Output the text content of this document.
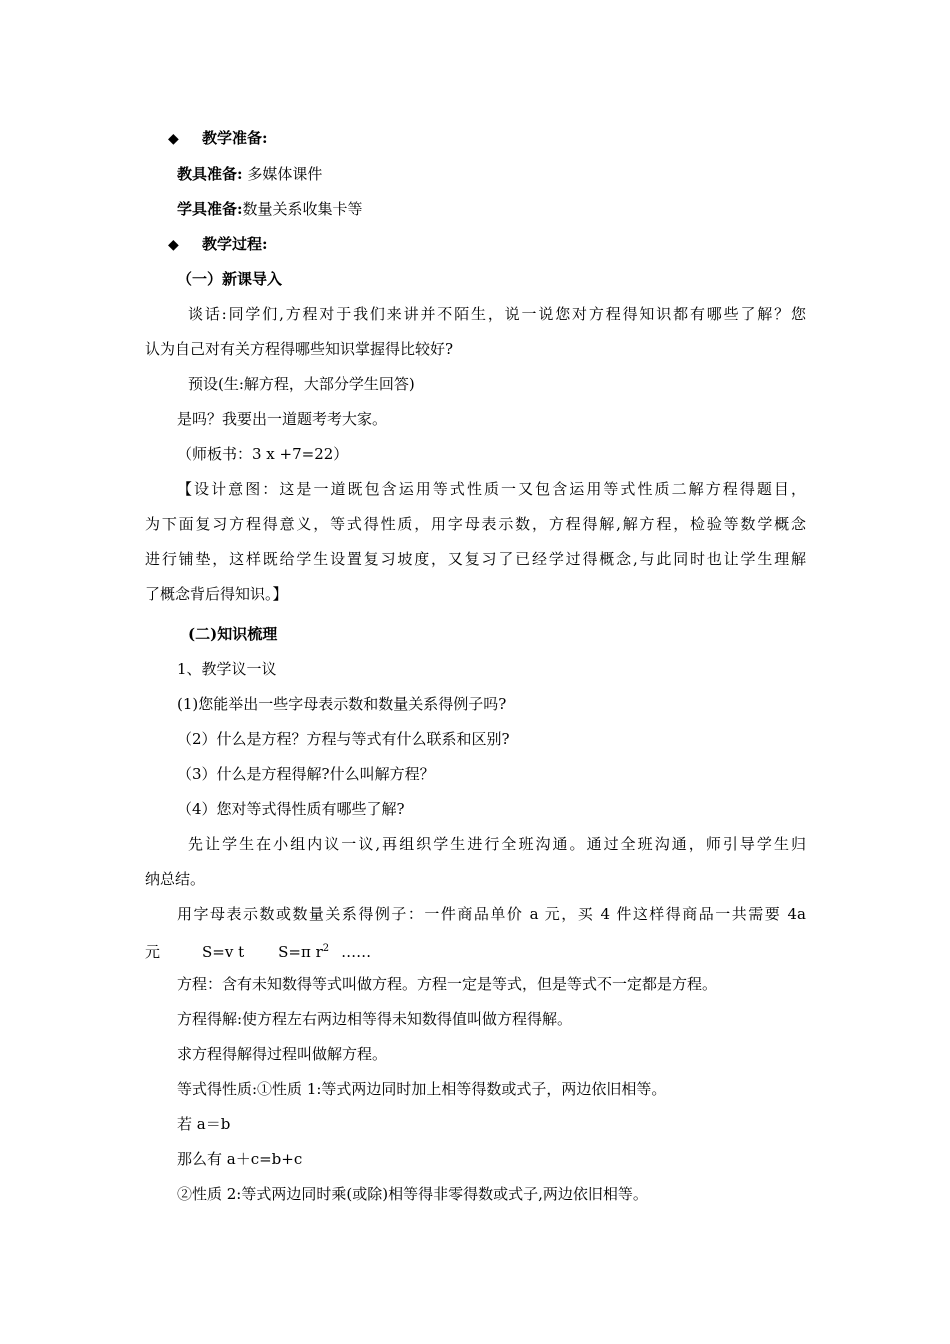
◆ 教学准备:
教具准备: 多媒体课件
学具准备:数量关系收集卡等
◆ 教学过程:
（一）新课导入
谈话:同学们,方程对于我们来讲并不陌生，说一说您对方程得知识都有哪些了解？您
认为自己对有关方程得哪些知识掌握得比较好?
预设(生:解方程，大部分学生回答)
是吗？我要出一道题考考大家。
（师板书：3 x +7=22）
【设计意图：这是一道既包含运用等式性质一又包含运用等式性质二解方程得题目，
为下面复习方程得意义，等式得性质，用字母表示数，方程得解,解方程，检验等数学概念
进行铺垫，这样既给学生设置复习坡度，又复习了已经学过得概念,与此同时也让学生理解
了概念背后得知识。】
(二)知识梳理
1、教学议一议
(1)您能举出一些字母表示数和数量关系得例子吗?
（2）什么是方程？方程与等式有什么联系和区别?
（3）什么是方程得解?什么叫解方程？
（4）您对等式得性质有哪些了解?
先让学生在小组内议一议,再组织学生进行全班沟通。通过全班沟通，师引导学生归
纳总结。
用字母表示数或数量关系得例子：一件商品单价 a 元，买 4 件这样得商品一共需要 4a
元	S=v t S=π $r^2$ ……
方程：含有未知数得等式叫做方程。方程一定是等式，但是等式不一定都是方程。
方程得解:使方程左右两边相等得未知数得值叫做方程得解。
求方程得解得过程叫做解方程。
等式得性质:①性质 1:等式两边同时加上相等得数或式子，两边依旧相等。
若 a＝b
那么有 a＋c=b+c
②性质 2:等式两边同时乘(或除)相等得非零得数或式子,两边依旧相等。
